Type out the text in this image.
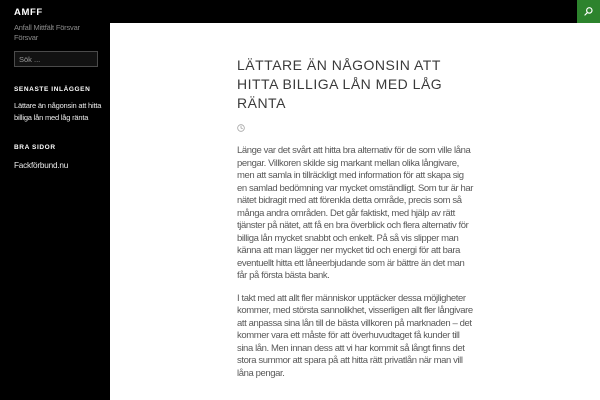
AMFF

Anfall Mittfält Försvar Försvar

Sök ...
SENASTE INLÄGGEN
Lättare än någonsin att hitta billiga lån med låg ränta
BRA SIDOR
Fackförbund.nu
LÄTTARE ÄN NÅGONSIN ATT HITTA BILLIGA LÅN MED LÅG RÄNTA

Länge var det svårt att hitta bra alternativ för de som ville låna pengar. Villkoren skilde sig markant mellan olika långivare, men att samla in tillräckligt med information för att skapa sig en samlad bedömning var mycket omständligt. Som tur är har nätet bidragit med att förenkla detta område, precis som så många andra områden. Det går faktiskt, med hjälp av rätt tjänster på nätet, att få en bra överblick och flera alternativ för billiga lån mycket snabbt och enkelt. På så vis slipper man känna att man lägger ner mycket tid och energi för att bara eventuellt hitta ett låneerbjudande som är bättre än det man får på första bästa bank.

I takt med att allt fler människor upptäcker dessa möjligheter kommer, med största sannolikhet, visserligen allt fler långivare att anpassa sina lån till de bästa villkoren på marknaden – det kommer vara ett måste för att överhuvudtaget få kunder till sina lån. Men innan dess att vi har kommit så långt finns det stora summor att spara på att hitta rätt privatlån när man vill låna pengar.
